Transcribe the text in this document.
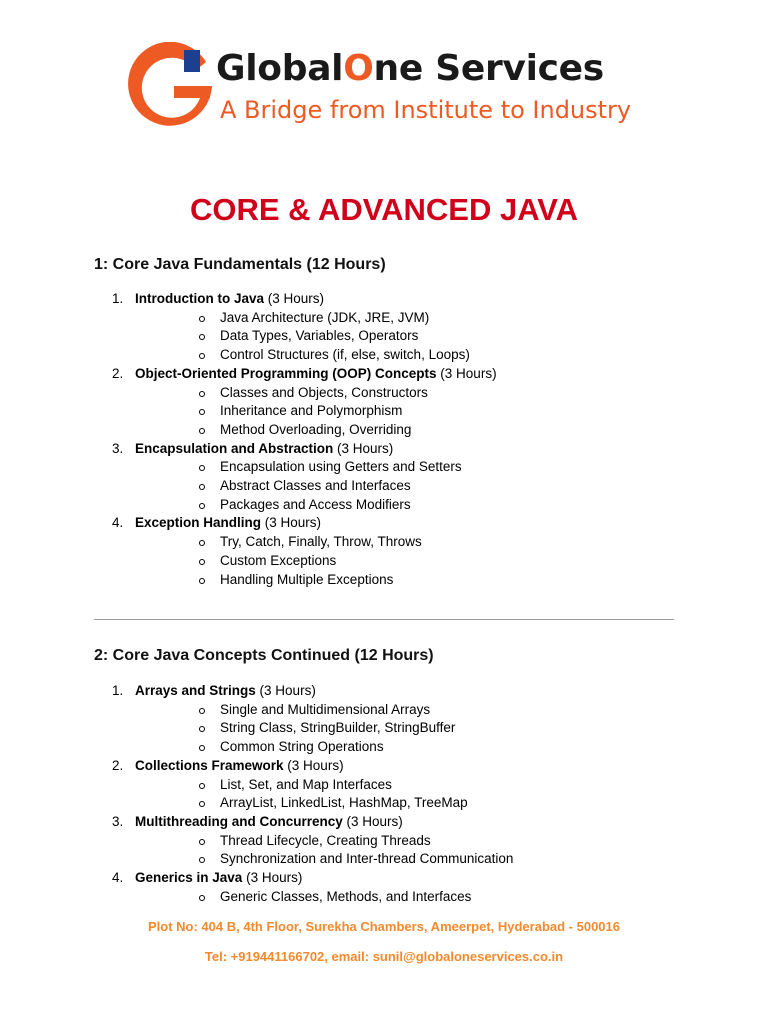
GlobalOne Services
A Bridge from Institute to Industry
CORE & ADVANCED JAVA
1: Core Java Fundamentals (12 Hours)
1. Introduction to Java (3 Hours)
Java Architecture (JDK, JRE, JVM)
Data Types, Variables, Operators
Control Structures (if, else, switch, Loops)
2. Object-Oriented Programming (OOP) Concepts (3 Hours)
Classes and Objects, Constructors
Inheritance and Polymorphism
Method Overloading, Overriding
3. Encapsulation and Abstraction (3 Hours)
Encapsulation using Getters and Setters
Abstract Classes and Interfaces
Packages and Access Modifiers
4. Exception Handling (3 Hours)
Try, Catch, Finally, Throw, Throws
Custom Exceptions
Handling Multiple Exceptions
2: Core Java Concepts Continued (12 Hours)
1. Arrays and Strings (3 Hours)
Single and Multidimensional Arrays
String Class, StringBuilder, StringBuffer
Common String Operations
2. Collections Framework (3 Hours)
List, Set, and Map Interfaces
ArrayList, LinkedList, HashMap, TreeMap
3. Multithreading and Concurrency (3 Hours)
Thread Lifecycle, Creating Threads
Synchronization and Inter-thread Communication
4. Generics in Java (3 Hours)
Generic Classes, Methods, and Interfaces
Plot No: 404 B, 4th Floor, Surekha Chambers, Ameerpet, Hyderabad - 500016
Tel: +919441166702, email: sunil@globaloneservices.co.in
